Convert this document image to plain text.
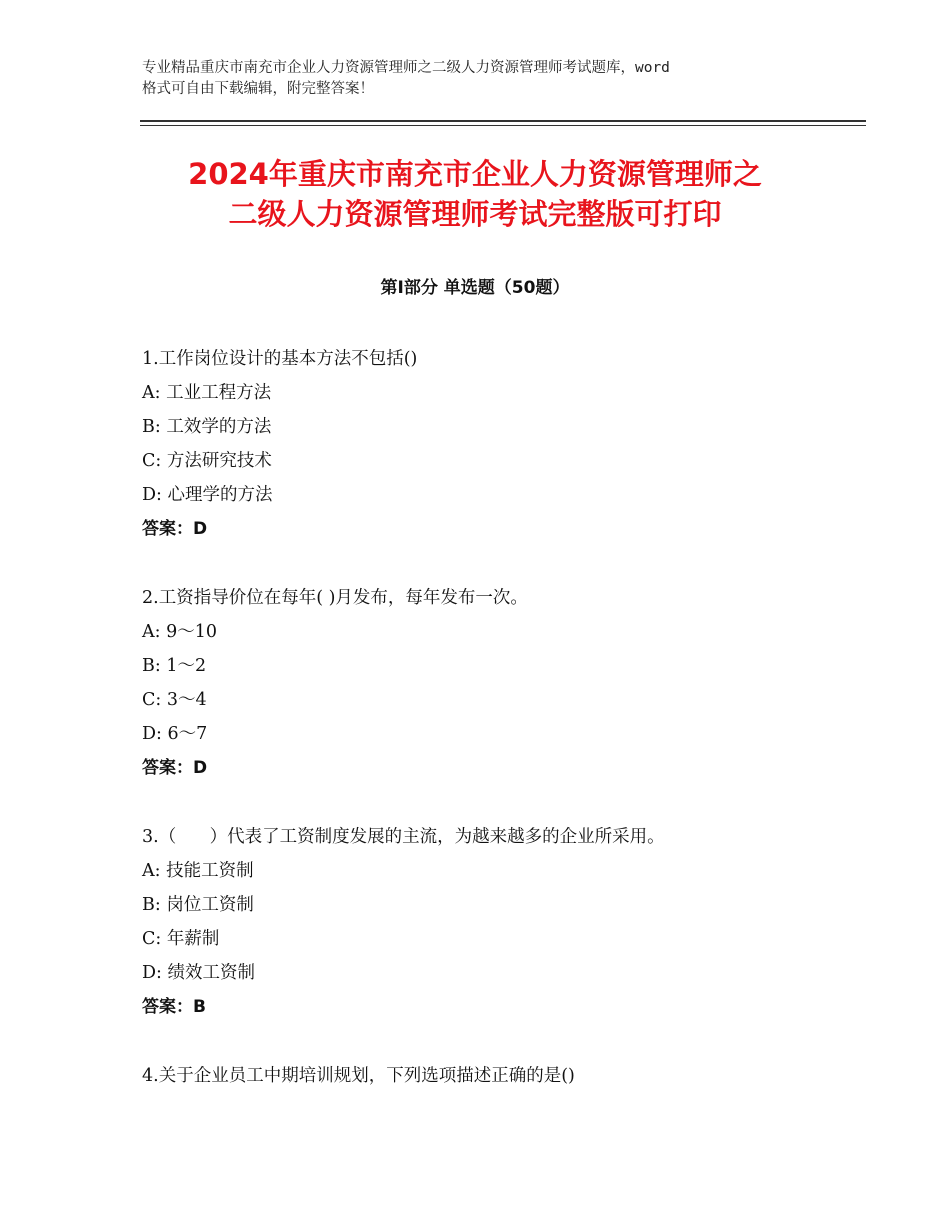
专业精品重庆市南充市企业人力资源管理师之二级人力资源管理师考试题库，word
格式可自由下载编辑，附完整答案！
2024年重庆市南充市企业人力资源管理师之
二级人力资源管理师考试完整版可打印
第Ⅰ部分 单选题（50题）
1.工作岗位设计的基本方法不包括()
A: 工业工程方法
B: 工效学的方法
C: 方法研究技术
D: 心理学的方法
答案：D
2.工资指导价位在每年( )月发布，每年发布一次。
A: 9～10
B: 1～2
C: 3～4
D: 6～7
答案：D
3.（      ）代表了工资制度发展的主流，为越来越多的企业所采用。
A: 技能工资制
B: 岗位工资制
C: 年薪制
D: 绩效工资制
答案：B
4.关于企业员工中期培训规划，下列选项描述正确的是()
